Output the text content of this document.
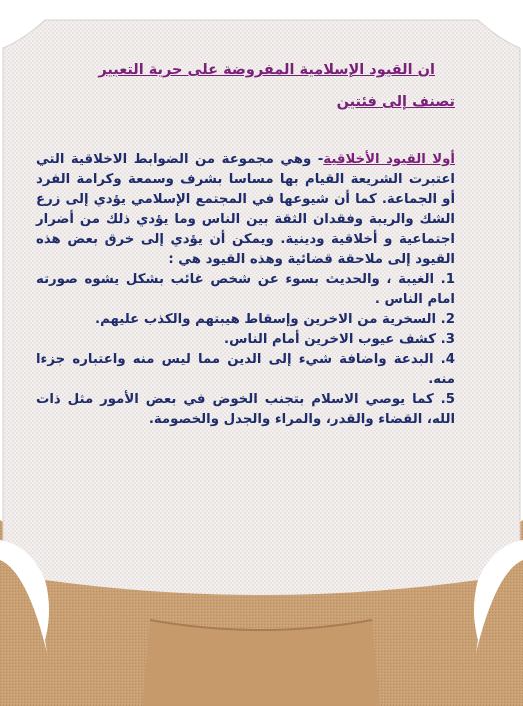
ان القيود الإسلامية المفروضة على حرية التعبير

تصنف إلى فئتين

أولا القيود الأخلاقية- وهي مجموعة من الضوابط الاخلاقية التي اعتبرت الشريعة القيام بها مساسا بشرف وسمعة وكرامة الفرد أو الجماعة. كما أن شيوعها في المجتمع الإسلامي يؤدي إلى زرع الشك والريبة وفقدان الثقة بين الناس وما يؤدي ذلك من أضرار اجتماعية و أخلاقية ودينية. ويمكن أن يؤدي إلى خرق بعض هذه القيود إلى ملاحقة قضائية وهذه القيود هي :
1. الغيبة ، والحديث بسوء عن شخص غائب بشكل يشوه صورته امام الناس .
2. السخرية من الاخرين وإسقاط هيبتهم والكذب عليهم.
3. كشف عيوب الاخرين أمام الناس.
4. البدعة واضافة شيء إلى الدين مما ليس منه واعتباره جزءا منه.
5. كما يوصي الاسلام بتجنب الخوض في بعض الأمور مثل ذات الله، القضاء والقدر، والمراء والجدل والخصومة.
